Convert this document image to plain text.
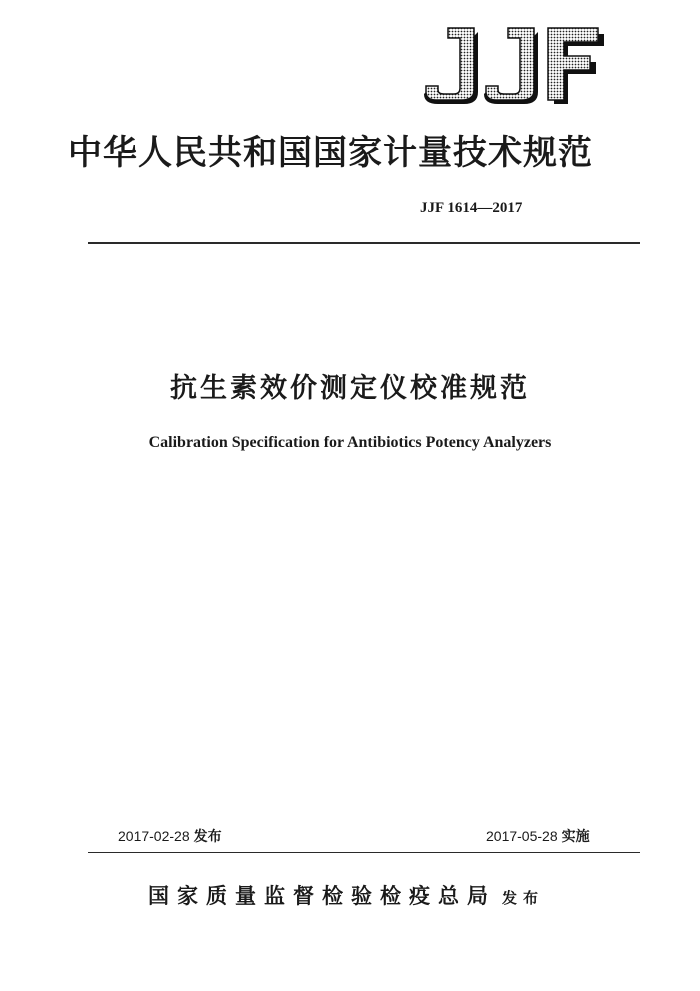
中华人民共和国国家计量技术规范
JJF 1614—2017
抗生素效价测定仪校准规范
Calibration Specification for Antibiotics Potency Analyzers
2017-02-28 发布	2017-05-28 实施
国家质量监督检验检疫总局 发布
